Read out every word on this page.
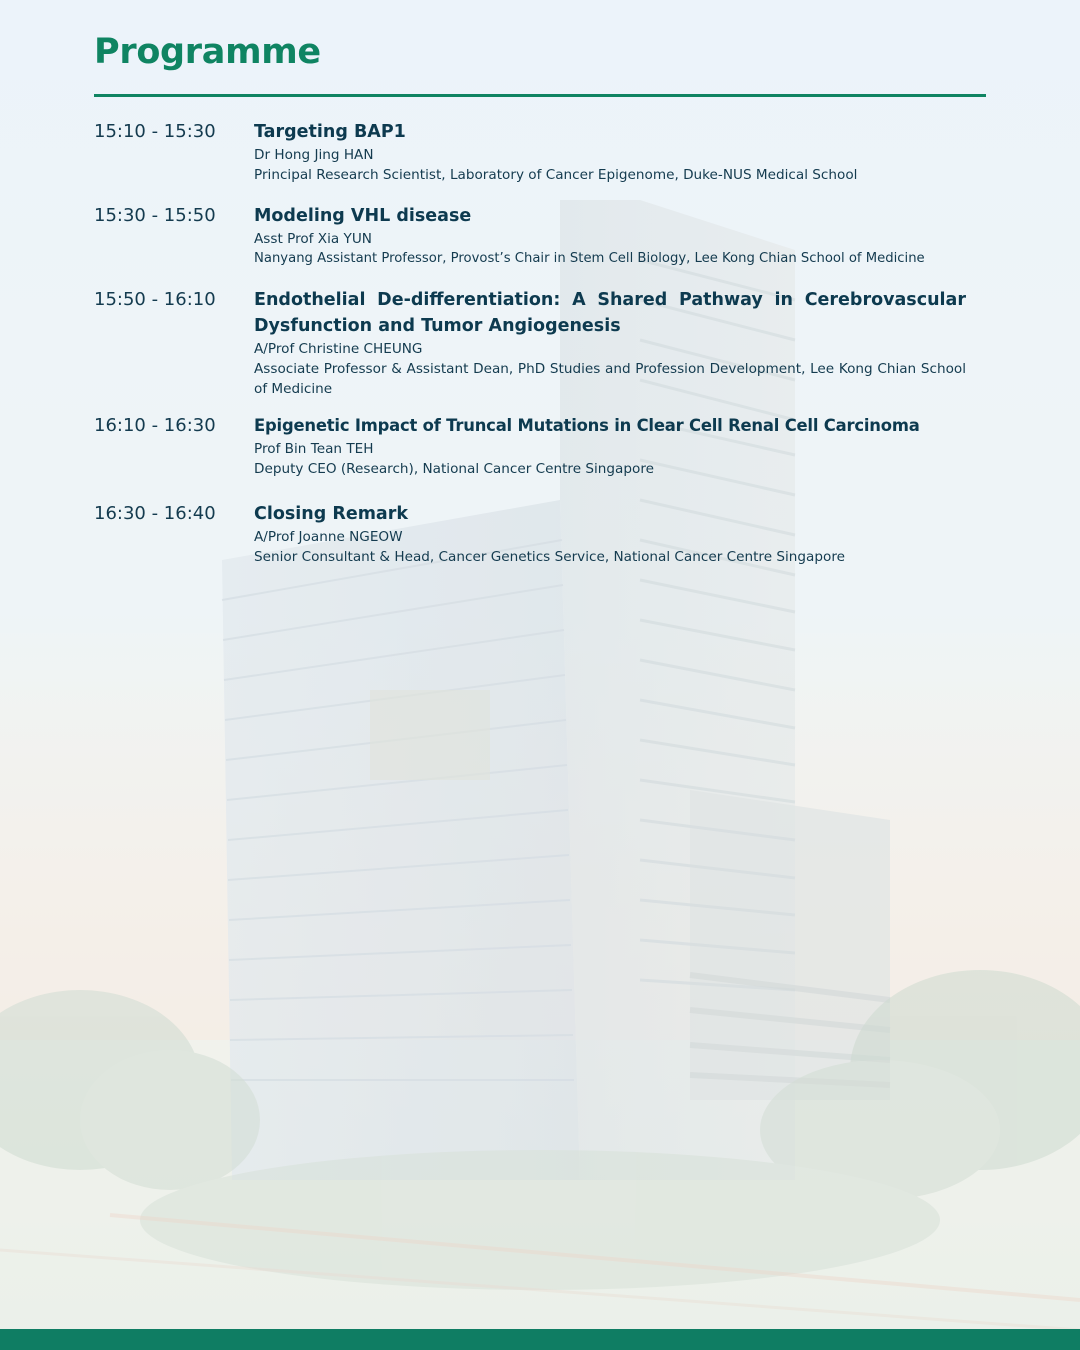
Programme
15:10 - 15:30	Targeting BAP1

Dr Hong Jing HAN

Principal Research Scientist, Laboratory of Cancer Epigenome, Duke-NUS Medical School

15:30 - 15:50	Modeling VHL disease

Asst Prof Xia YUN

Nanyang Assistant Professor, Provost’s Chair in Stem Cell Biology, Lee Kong Chian School of Medicine

15:50 - 16:10	Endothelial De-differentiation: A Shared Pathway in Cerebrovascular Dysfunction and Tumor Angiogenesis

A/Prof Christine CHEUNG

Associate Professor & Assistant Dean, PhD Studies and Profession Development, Lee Kong Chian School of Medicine

16:10 - 16:30	Epigenetic Impact of Truncal Mutations in Clear Cell Renal Cell Carcinoma

Prof Bin Tean TEH

Deputy CEO (Research), National Cancer Centre Singapore

16:30 - 16:40	Closing Remark

A/Prof Joanne NGEOW

Senior Consultant & Head, Cancer Genetics Service, National Cancer Centre Singapore
